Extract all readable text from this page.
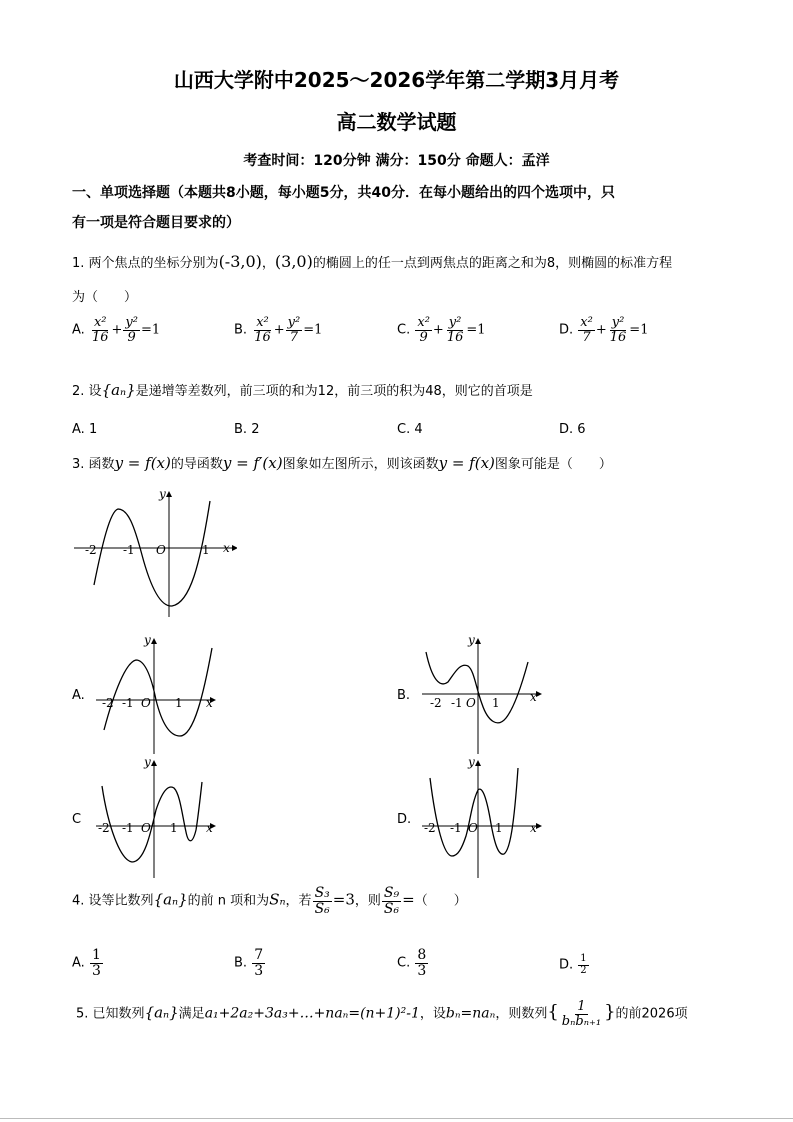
山西大学附中2025～2026学年第二学期3月月考
高二数学试题
考查时间：120分钟 满分：150分 命题人：孟洋
一、单项选择题（本题共8小题，每小题5分，共40分．在每小题给出的四个选项中，只
有一项是符合题目要求的）
1. 两个焦点的坐标分别为(-3,0)，(3,0)的椭圆上的任一点到两焦点的距离之和为8，则椭圆的标准方程
为（　　）
A. $\frac{\text{x²}}{16} + \frac{\text{y²}}{9} =1$	B. $\frac{\text{x²}}{16} + \frac{\text{y²}}{7} =1$	C. $\frac{\text{x²}}{9} + \frac{\text{y²}}{16} =1$	D. $\frac{\text{x²}}{7} + \frac{\text{y²}}{16} =1$
2. 设{aₙ}是递增等差数列，前三项的和为12，前三项的积为48，则它的首项是
A. 1	B. 2	C. 4	D. 6
3. 函数y = f(x)的导函数y = f′(x)图象如左图所示，则该函数y = f(x)图象可能是（　　）
y
x
O
-2 -1	1
A.
y
x
O
-2 -1	1	B.
y
x
O
-2 -1 1
C
y
x
O
-2 -1	1
D.
y
x
O
-2 -1	1
4. 设等比数列{aₙ}的前 n 项和为Sₙ，若 $\frac{\text{S₃}}{\text{S₆}} =3$，则 $\frac{\text{S₉}}{\text{S₆}}$ =（　　）
A. $\frac{1}{3}$	B. $\frac{7}{3}$	C. $\frac{8}{3}$	D. $\frac{1}{2}$
5. 已知数列{aₙ}满足a₁+2a₂+3a₃+…+naₙ=(n+1)²-1，设bₙ=naₙ，则数列{ $\frac{1}{\text{bₙbₙ₊₁}}$ }的前2026项
